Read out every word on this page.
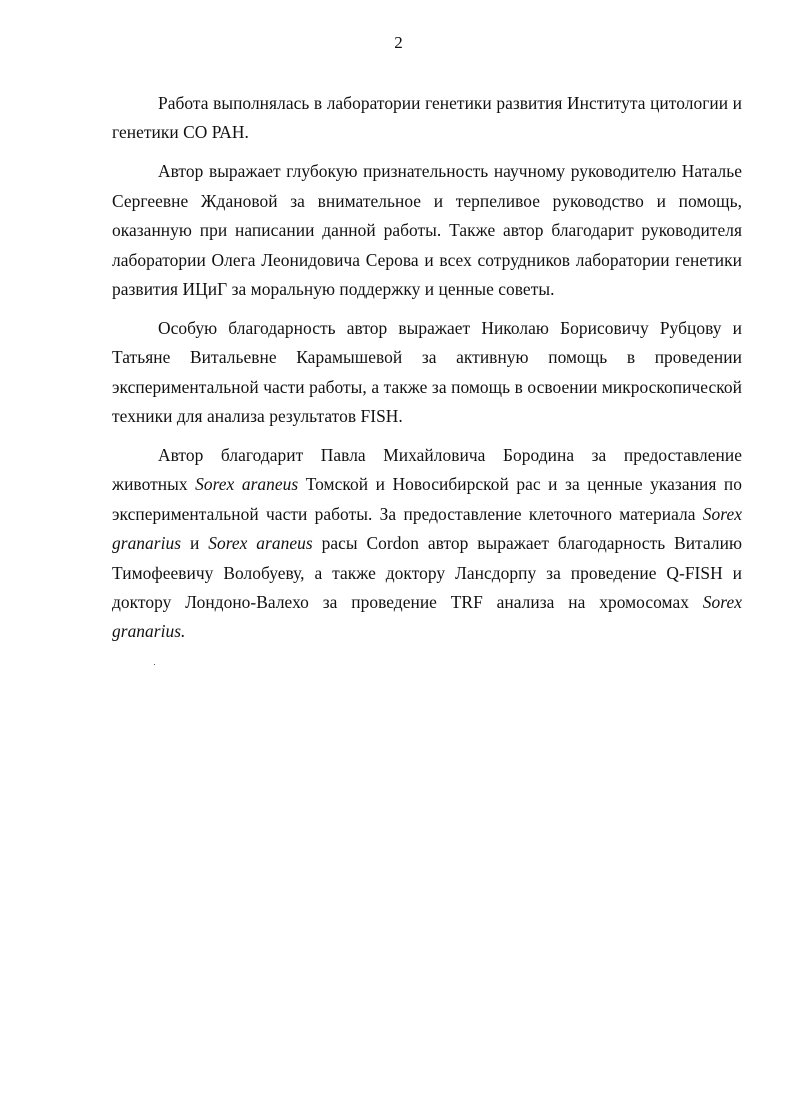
2

Работа выполнялась в лаборатории генетики развития Института цитологии и генетики СО РАН.

Автор выражает глубокую признательность научному руководителю Наталье Сергеевне Ждановой за внимательное и терпеливое руководство и помощь, оказанную при написании данной работы. Также автор благодарит руководителя лаборатории Олега Леонидовича Серова и всех сотрудников лаборатории генетики развития ИЦиГ за моральную поддержку и ценные советы.

Особую благодарность автор выражает Николаю Борисовичу Рубцову и Татьяне Витальевне Карамышевой за активную помощь в проведении экспериментальной части работы, а также за помощь в освоении микроскопической техники для анализа результатов FISH.

Автор благодарит Павла Михайловича Бородина за предоставление животных Sorex araneus Томской и Новосибирской рас и за ценные указания по экспериментальной части работы. За предоставление клеточного материала Sorex granarius и Sorex araneus расы Cordon автор выражает благодарность Виталию Тимофеевичу Волобуеву, а также доктору Лансдорпу за проведение Q-FISH и доктору Лондоно-Валехо за проведение TRF анализа на хромосомах Sorex granarius.
